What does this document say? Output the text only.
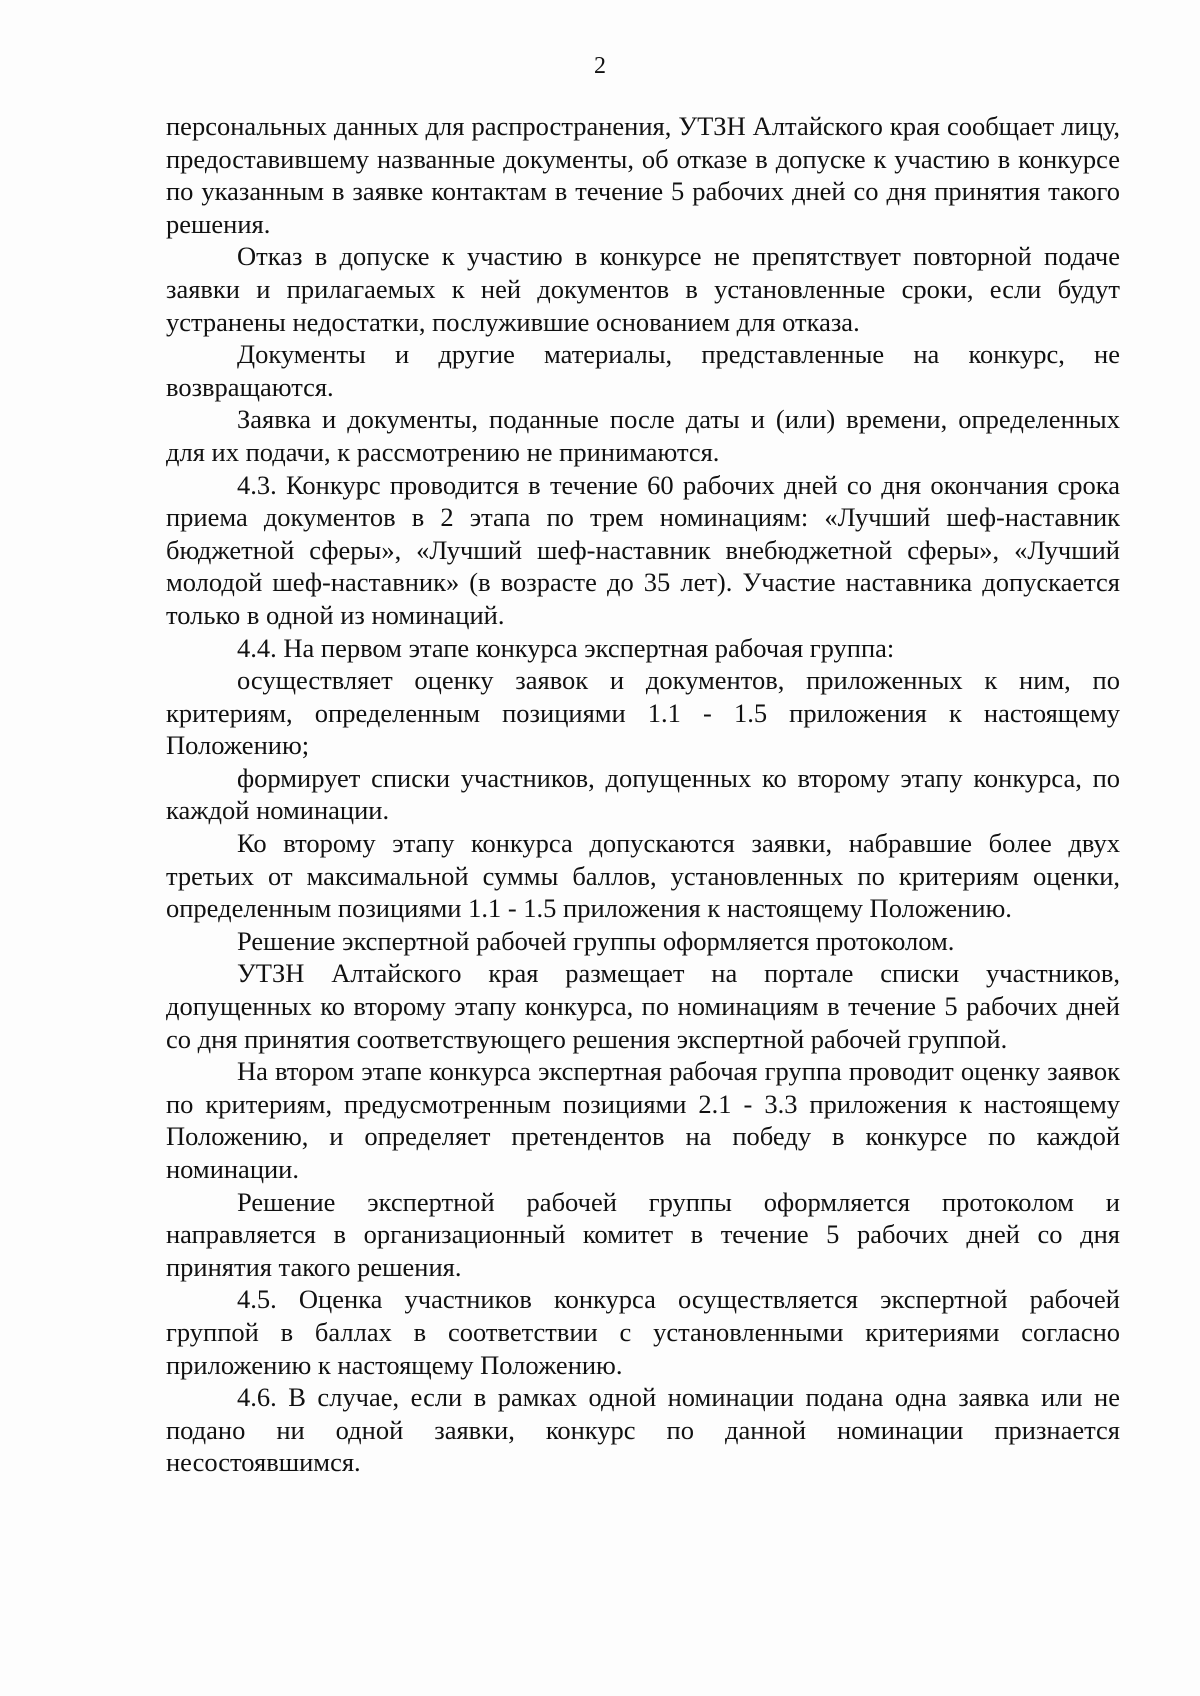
2

персональных данных для распространения, УТЗН Алтайского края сообщает лицу, предоставившему названные документы, об отказе в допуске к участию в конкурсе по указанным в заявке контактам в течение 5 рабочих дней со дня принятия такого решения.

Отказ в допуске к участию в конкурсе не препятствует повторной подаче заявки и прилагаемых к ней документов в установленные сроки, если будут устранены недостатки, послужившие основанием для отказа.

Документы и другие материалы, представленные на конкурс, не возвращаются.

Заявка и документы, поданные после даты и (или) времени, определенных для их подачи, к рассмотрению не принимаются.

4.3. Конкурс проводится в течение 60 рабочих дней со дня окончания срока приема документов в 2 этапа по трем номинациям: «Лучший шеф-наставник бюджетной сферы», «Лучший шеф-наставник внебюджетной сферы», «Лучший молодой шеф-наставник» (в возрасте до 35 лет). Участие наставника допускается только в одной из номинаций.

4.4. На первом этапе конкурса экспертная рабочая группа:

осуществляет оценку заявок и документов, приложенных к ним, по критериям, определенным позициями 1.1 - 1.5 приложения к настоящему Положению;

формирует списки участников, допущенных ко второму этапу конкурса, по каждой номинации.

Ко второму этапу конкурса допускаются заявки, набравшие более двух третьих от максимальной суммы баллов, установленных по критериям оценки, определенным позициями 1.1 - 1.5 приложения к настоящему Положению.

Решение экспертной рабочей группы оформляется протоколом.

УТЗН Алтайского края размещает на портале списки участников, допущенных ко второму этапу конкурса, по номинациям в течение 5 рабочих дней со дня принятия соответствующего решения экспертной рабочей группой.

На втором этапе конкурса экспертная рабочая группа проводит оценку заявок по критериям, предусмотренным позициями 2.1 - 3.3 приложения к настоящему Положению, и определяет претендентов на победу в конкурсе по каждой номинации.

Решение экспертной рабочей группы оформляется протоколом и направляется в организационный комитет в течение 5 рабочих дней со дня принятия такого решения.

4.5. Оценка участников конкурса осуществляется экспертной рабочей группой в баллах в соответствии с установленными критериями согласно приложению к настоящему Положению.

4.6. В случае, если в рамках одной номинации подана одна заявка или не подано ни одной заявки, конкурс по данной номинации признается несостоявшимся.
